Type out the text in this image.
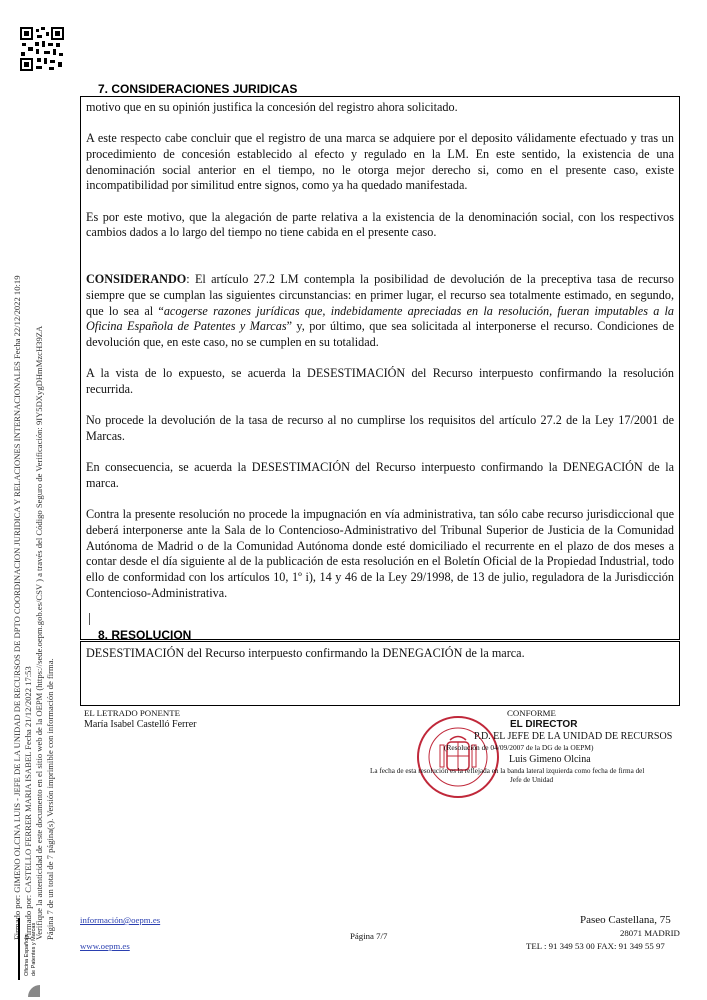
Firmado por: GIMENO OLCINA LUIS - JEFE DE LA UNIDAD DE RECURSOS DE DPTO COORDINACION JURIDICA Y RELACIONES INTERNACIONALES Fecha 22/12/2022 10:19 Firmado por: CASTELLO FERRER MARIA ISABEL Fecha 21/12/2022 17:53 Verifique la autenticidad de este documento en el sitio web de la OEPM (https://sede.oepm.gob.es/CSV ) a través del Código Seguro de Verificación: 9IY5DXygDHmMzcH39ZA Página 7 de un total de 7 página(s). Versión imprimible con información de firma.
7. CONSIDERACIONES JURIDICAS

motivo que en su opinión justifica la concesión del registro ahora solicitado.

A este respecto cabe concluir que el registro de una marca se adquiere por el deposito válidamente efectuado y tras un procedimiento de concesión establecido al efecto y regulado en la LM. En este sentido, la existencia de una denominación social anterior en el tiempo, no le otorga mejor derecho si, como en el presente caso, existe incompatibilidad por similitud entre signos, como ya ha quedado manifestada.

Es por este motivo, que la alegación de parte relativa a la existencia de la denominación social, con los respectivos cambios dados a lo largo del tiempo no tiene cabida en el presente caso.

CONSIDERANDO: El artículo 27.2 LM contempla la posibilidad de devolución de la preceptiva tasa de recurso siempre que se cumplan las siguientes circunstancias: en primer lugar, el recurso sea totalmente estimado, en segundo, que lo sea al “acogerse razones jurídicas que, indebidamente apreciadas en la resolución, fueran imputables a la Oficina Española de Patentes y Marcas” y, por último, que sea solicitada al interponerse el recurso. Condiciones de devolución que, en este caso, no se cumplen en su totalidad.

A la vista de lo expuesto, se acuerda la DESESTIMACIÓN del Recurso interpuesto confirmando la resolución recurrida.

No procede la devolución de la tasa de recurso al no cumplirse los requisitos del artículo 27.2 de la Ley 17/2001 de Marcas.

En consecuencia, se acuerda la DESESTIMACIÓN del Recurso interpuesto confirmando la DENEGACIÓN de la marca.

Contra la presente resolución no procede la impugnación en vía administrativa, tan sólo cabe recurso jurisdiccional que deberá interponerse ante la Sala de lo Contencioso-Administrativo del Tribunal Superior de Justicia de la Comunidad Autónoma de Madrid o de la Comunidad Autónoma donde esté domiciliado el recurrente en el plazo de dos meses a contar desde el día siguiente al de la publicación de esta resolución en el Boletín Oficial de la Propiedad Industrial, todo ello de conformidad con los artículos 10, 1º i), 14 y 46 de la Ley 29/1998, de 13 de julio, reguladora de la Jurisdicción Contencioso-Administrativa.

8. RESOLUCION
DESESTIMACIÓN del Recurso interpuesto confirmando la DENEGACIÓN de la marca.
EL LETRADO PONENTE
María Isabel Castelló Ferrer
CONFORME
EL DIRECTOR
P.D. EL JEFE DE LA UNIDAD DE RECURSOS
(Resolución de 04/09/2007 de la DG de la OEPM)
Luis Gimeno Olcina
La fecha de esta resolución es la reflejada en la banda lateral izquierda como fecha de firma del
Jefe de Unidad
Oficina Española de Patentes y Marcas
información@oepm.es
www.oepm.es
Página 7/7
Paseo Castellana, 75
28071 MADRID
TEL : 91 349 53 00 FAX: 91 349 55 97
